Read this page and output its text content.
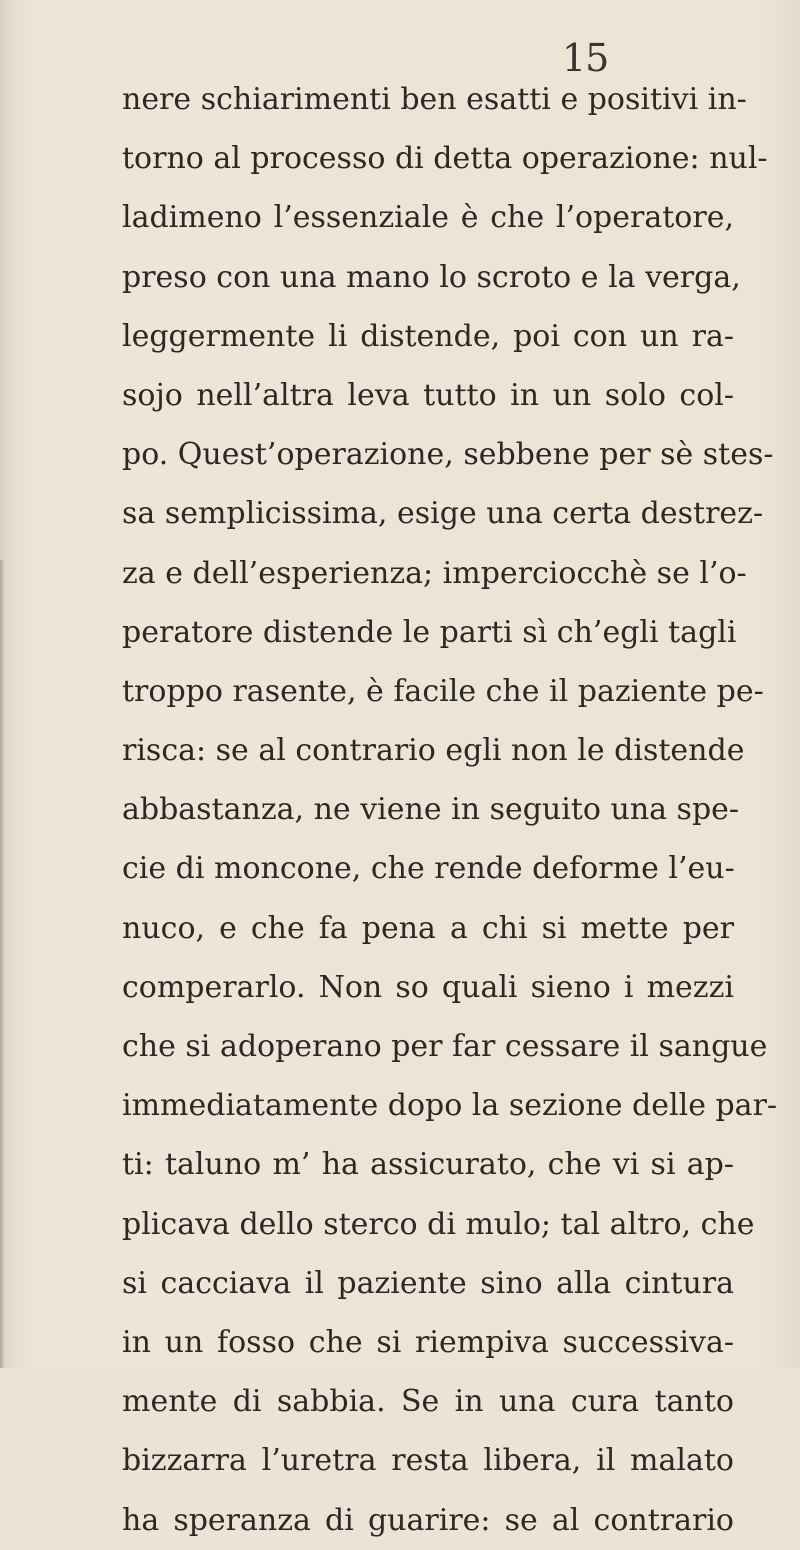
15
nere schiarimenti ben esatti e positivi in-
torno al processo di detta operazione: nul-
ladimeno l’essenziale è che l’operatore,
preso con una mano lo scroto e la verga,
leggermente li distende, poi con un ra-
sojo nell’altra leva tutto in un solo col-
po. Quest’operazione, sebbene per sè stes-
sa semplicissima, esige una certa destrez-
za e dell’esperienza; imperciocchè se l’o-
peratore distende le parti sì ch’egli tagli
troppo rasente, è facile che il paziente pe-
risca: se al contrario egli non le distende
abbastanza, ne viene in seguito una spe-
cie di moncone, che rende deforme l’eu-
nuco, e che fa pena a chi si mette per
comperarlo. Non so quali sieno i mezzi
che si adoperano per far cessare il sangue
immediatamente dopo la sezione delle par-
ti: taluno m’ ha assicurato, che vi si ap-
plicava dello sterco di mulo; tal altro, che
si cacciava il paziente sino alla cintura
in un fosso che si riempiva successiva-
mente di sabbia. Se in una cura tanto
bizzarra l’uretra resta libera, il malato
ha speranza di guarire: se al contrario
